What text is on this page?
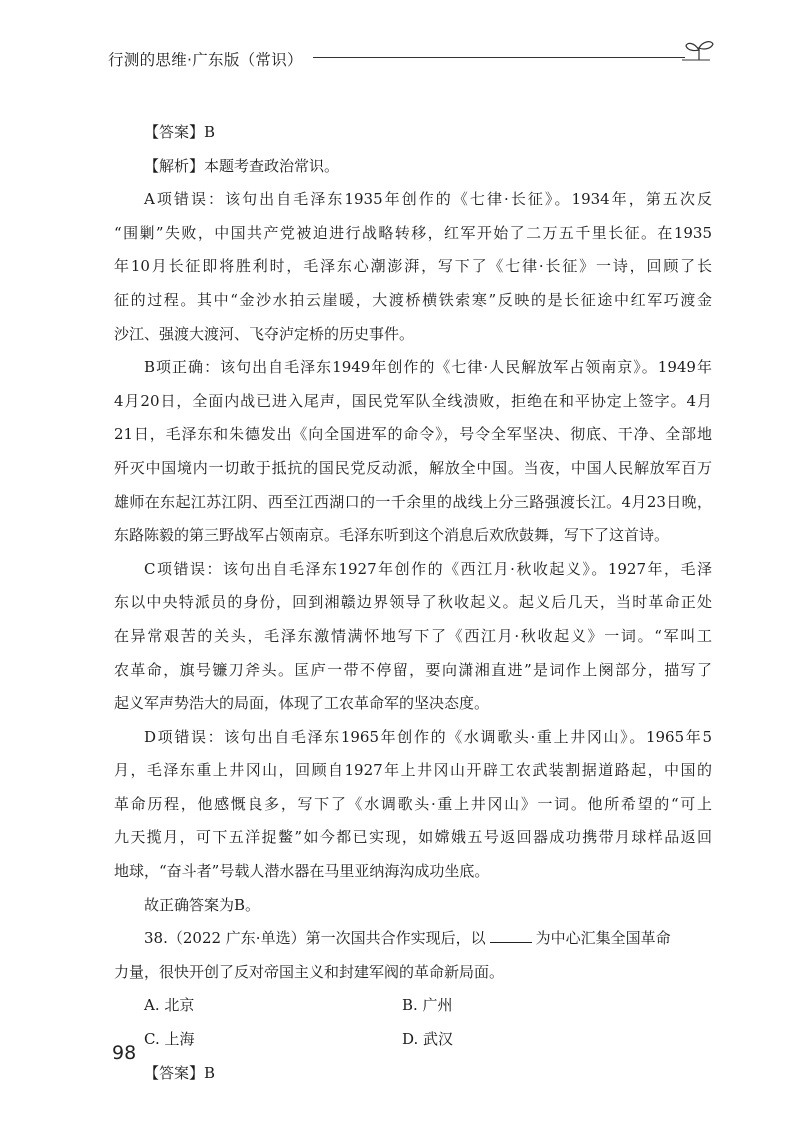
行测的思维·广东版（常识）
【答案】B
【解析】本题考查政治常识。
A项错误：该句出自毛泽东1935年创作的《七律·长征》。1934年，第五次反
“围剿”失败，中国共产党被迫进行战略转移，红军开始了二万五千里长征。在1935
年10月长征即将胜利时，毛泽东心潮澎湃，写下了《七律·长征》一诗，回顾了长
征的过程。其中“金沙水拍云崖暖，大渡桥横铁索寒”反映的是长征途中红军巧渡金
沙江、强渡大渡河、飞夺泸定桥的历史事件。
B项正确：该句出自毛泽东1949年创作的《七律·人民解放军占领南京》。1949年
4月20日，全面内战已进入尾声，国民党军队全线溃败，拒绝在和平协定上签字。4月
21日，毛泽东和朱德发出《向全国进军的命令》，号令全军坚决、彻底、干净、全部地
歼灭中国境内一切敢于抵抗的国民党反动派，解放全中国。当夜，中国人民解放军百万
雄师在东起江苏江阴、西至江西湖口的一千余里的战线上分三路强渡长江。4月23日晚，
东路陈毅的第三野战军占领南京。毛泽东听到这个消息后欢欣鼓舞，写下了这首诗。
C项错误：该句出自毛泽东1927年创作的《西江月·秋收起义》。1927年，毛泽
东以中央特派员的身份，回到湘赣边界领导了秋收起义。起义后几天，当时革命正处
在异常艰苦的关头，毛泽东激情满怀地写下了《西江月·秋收起义》一词。“军叫工
农革命，旗号镰刀斧头。匡庐一带不停留，要向潇湘直进”是词作上阕部分，描写了
起义军声势浩大的局面，体现了工农革命军的坚决态度。
D项错误：该句出自毛泽东1965年创作的《水调歌头·重上井冈山》。1965年5
月，毛泽东重上井冈山，回顾自1927年上井冈山开辟工农武装割据道路起，中国的
革命历程，他感慨良多，写下了《水调歌头·重上井冈山》一词。他所希望的“可上
九天揽月，可下五洋捉鳖”如今都已实现，如嫦娥五号返回器成功携带月球样品返回
地球，“奋斗者”号载人潜水器在马里亚纳海沟成功坐底。
故正确答案为B。
38.（2022 广东·单选）第一次国共合作实现后，以	为中心汇集全国革命
力量，很快开创了反对帝国主义和封建军阀的革命新局面。
A. 北京	B. 广州
C. 上海	D. 武汉
【答案】B
98
